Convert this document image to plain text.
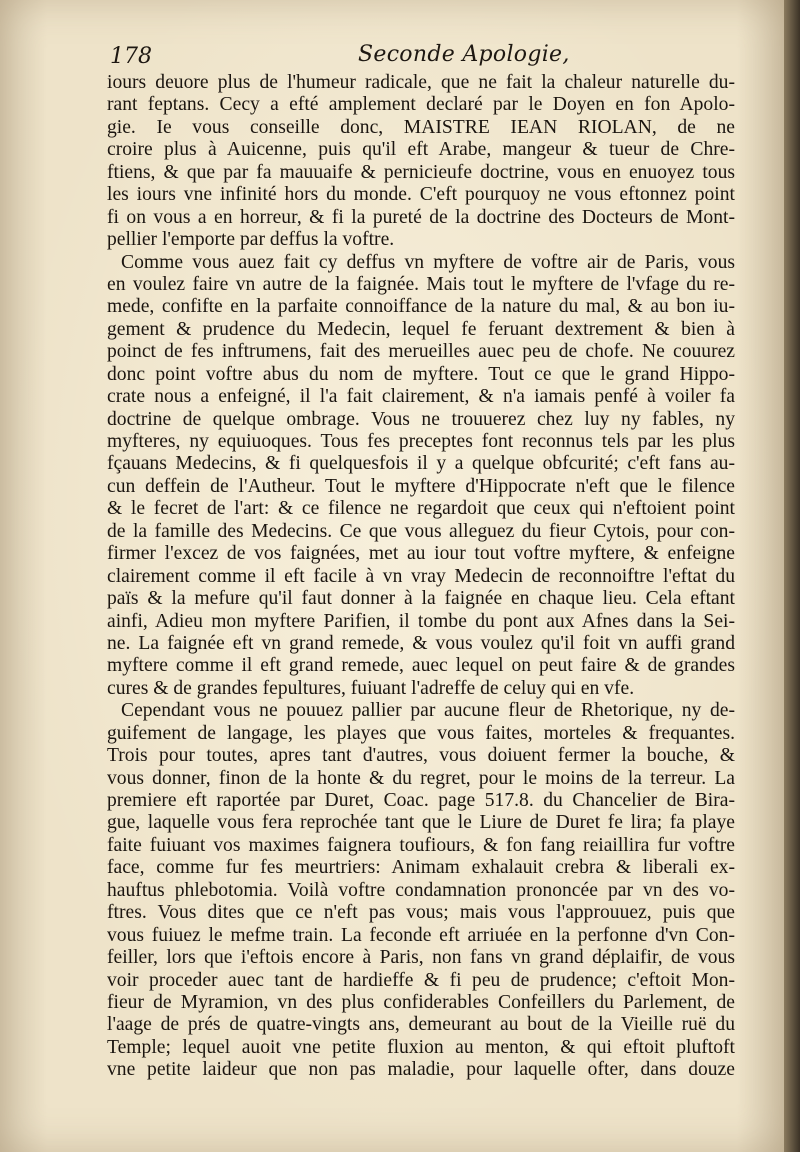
178	Seconde Apologie,
iours deuore plus de l'humeur radicale, que ne fait la chaleur naturelle du-
rant feptans. Cecy a efté amplement declaré par le Doyen en fon Apolo-
gie. Ie vous conseille donc, MAISTRE IEAN RIOLAN, de ne
croire plus à Auicenne, puis qu'il eft Arabe, mangeur & tueur de Chre-
ftiens, & que par fa mauuaife & pernicieufe doctrine, vous en enuoyez tous
les iours vne infinité hors du monde. C'eft pourquoy ne vous eftonnez point
fi on vous a en horreur, & fi la pureté de la doctrine des Docteurs de Mont-
pellier l'emporte par deffus la voftre.
Comme vous auez fait cy deffus vn myftere de voftre air de Paris, vous
en voulez faire vn autre de la faignée. Mais tout le myftere de l'vfage du re-
mede, confifte en la parfaite connoiffance de la nature du mal, & au bon iu-
gement & prudence du Medecin, lequel fe feruant dextrement & bien à
poinct de fes inftrumens, fait des merueilles auec peu de chofe. Ne couurez
donc point voftre abus du nom de myftere. Tout ce que le grand Hippo-
crate nous a enfeigné, il l'a fait clairement, & n'a iamais penfé à voiler fa
doctrine de quelque ombrage. Vous ne trouuerez chez luy ny fables, ny
myfteres, ny equiuoques. Tous fes preceptes font reconnus tels par les plus
fçauans Medecins, & fi quelquesfois il y a quelque obfcurité; c'eft fans au-
cun deffein de l'Autheur. Tout le myftere d'Hippocrate n'eft que le filence
& le fecret de l'art: & ce filence ne regardoit que ceux qui n'eftoient point
de la famille des Medecins. Ce que vous alleguez du fieur Cytois, pour con-
firmer l'excez de vos faignées, met au iour tout voftre myftere, & enfeigne
clairement comme il eft facile à vn vray Medecin de reconnoiftre l'eftat du
païs & la mefure qu'il faut donner à la faignée en chaque lieu. Cela eftant
ainfi, Adieu mon myftere Parifien, il tombe du pont aux Afnes dans la Sei-
ne. La faignée eft vn grand remede, & vous voulez qu'il foit vn auffi grand
myftere comme il eft grand remede, auec lequel on peut faire & de grandes
cures & de grandes fepultures, fuiuant l'adreffe de celuy qui en vfe.
Cependant vous ne pouuez pallier par aucune fleur de Rhetorique, ny de-
guifement de langage, les playes que vous faites, morteles & frequantes.
Trois pour toutes, apres tant d'autres, vous doiuent fermer la bouche, &
vous donner, finon de la honte & du regret, pour le moins de la terreur. La
premiere eft raportée par Duret, Coac. page 517.8. du Chancelier de Bira-
gue, laquelle vous fera reprochée tant que le Liure de Duret fe lira; fa playe
faite fuiuant vos maximes faignera toufiours, & fon fang reiaillira fur voftre
face, comme fur fes meurtriers: Animam exhalauit crebra & liberali ex-
hauftus phlebotomia. Voilà voftre condamnation prononcée par vn des vo-
ftres. Vous dites que ce n'eft pas vous; mais vous l'approuuez, puis que
vous fuiuez le mefme train. La feconde eft arriuée en la perfonne d'vn Con-
feiller, lors que i'eftois encore à Paris, non fans vn grand déplaifir, de vous
voir proceder auec tant de hardieffe & fi peu de prudence; c'eftoit Mon-
fieur de Myramion, vn des plus confiderables Confeillers du Parlement, de
l'aage de prés de quatre-vingts ans, demeurant au bout de la Vieille ruë du
Temple; lequel auoit vne petite fluxion au menton, & qui eftoit pluftoft
vne petite laideur que non pas maladie, pour laquelle ofter, dans douze
